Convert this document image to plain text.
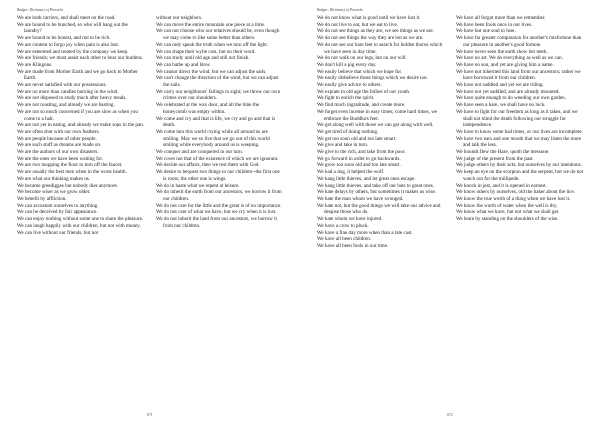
Badger: Dictionary of Proverbs

We are both carriers, and shall meet on the road.

We are bound to be bunched, so who will hang out the laundry?

We are bound to be honest, and not to be rich.

We are content to forgo joy when pain is also lost.

We are esteemed and treated by the company we keep.

We are friends; we must assist each other to bear our burdens.

We are Klingons.

We are made from Mother Earth and we go back to Mother Earth.

We are never satisfied with our possessions.

We are no more than candles burning in the wind.

We are not disposed to study much after heavy meals.

We are not roasting, and already we are basting.

We are not so much concerned if you are slow as when you come to a halt.

We are not yet in eating, and already we make sops in the pan.

We are often shot with our own feathers.

We are people because of other people.

We are such stuff as dreams are made on.

We are the authors of our own disasters.

We are the ones we have been waiting for.

We are two mopping the floor to turn off the faucet.

We are usually the best men when in the worst health.

We are what our thinking makes us.

We became greedigges but nobody dies anymore.

We become wiser as we grow older.

We benefit by affliction.

We can accustom ourselves to anything.

We can be deceived by fair appearance.

We can enjoy nothing without some one to share the pleasure.

We can laugh happily with our children, but not with money.

We can live without our friends, but not

without our neighbors.

We can move the entire mountain one piece at a time.

We can not choose who our relatives should be, even though we may come to like some better than others.

We can only speak the truth when we turn off the light.

We can shape their wylie cost, but no their word.

We can study until old age and still not finish.

We can bathe up and blow.

We cannot direct the wind, but we can adjust the sails.

We can't change the direction of the wind, but we can adjust the sails.

We carry our neighbours' failings in sight; we throw our own crimes over our shoulders.

We celebrated at the wax door, and all the time the honeycomb was empty within.

We come and cry and that is life, we cry and go and that is death.

We come into this world crying while all around us are smiling. May we so live that we go out of this world smiling while everybody around us is weeping.

We conquer and are conquered in our turn.

We covet not that of the existence of which we are ignorant.

We decide our affairs, then we rest them with God.

We desire to bequest two things to our children--the first one is roots; the other one is wings.

We do in haste what we repent at leisure.

We do inherit the earth from our ancestors, we borrow it from our children.

We do not care for the little and the great is of no importance.

We do not care of what we have, but we cry when it is lost.

We do not inherit the land from our ancestors, we borrow it from our children.

671
Badger: Dictionary of Proverbs

We do not know what is good until we have lost it.

We do not live to eat, but we eat to live.

We do not see things as they are, we see things as we are.

We do not see things the way they are but as we are.

We do not see our bare feet to search for hidden thorns which we have seen in day time.

We do not walk on our legs, but on our will.

We don't kill a pig every day.

We easily believe that which we hope for.

We easily disbelieve those things which we desire not.

We easily give advice to others.

We expiate in old age the follies of our youth.

We fight to enrich the spirit.

We find much ingratitude, and create more.

We forget even incense in easy times; come hard times, we embrace the Buddha's feet.

We get along well with those we can get along with well.

We get tired of doing nothing.

We get too soon old and too late smart.

We give and take in turn.

We give to the rich, and take from the poor.

We go forward in order to go backwards.

We grow too soon old and too late smart.

We had a dog, it helped the wolf.

We hang little thieves, and let great ones escape.

We hang little thieves, and take off our hats to great ones.

We hate delays by others, but sometimes it makes us wise.

We hate the man whom we have wronged.

We hate not, but the good things we will take our advice and despise those who do.

We hate whom we have injured.

We have a crow to pluck.

We have a fine day more when than a late cast.

We have all been children.

We have all been fools in our time.

We have all forgot more than we remember.

We have been fools once in our lives.

We have but one soul to lose.

We have far greater compassion for another's misfortune than our pleasure in another's good fortune.

We have never seen the earth show her teeth.

We have no art. We do everything as well as we can.

We have no son, and yet are giving him a name.

We have not inherited this land from our ancestors; rather we have borrowed it from our children.

We have not saddled and yet we are riding.

We have not yet saddled, and are already mounted.

We have quite enough to do weeding our own garden.

We have seen a hare, we shall have no luck.

We have to fight for our freedom as long as it takes, and we shall not mind the death following our struggle for independence.

We have to know some bad times, or our lives are incomplete.

We have two ears and one mouth that we may listen the more and talk the less.

We hounds flew the Hare, quoth the messone.

We judge of the present from the past.

We judge others by their acts; but ourselves by our intentions.

We keep an eye on the scorpion and the serpent, but we do not watch out for the millipede.

We knock in jest, and it is opened in earnest.

We know others by ourselves, old the baker about the lice.

We know the true worth of a thing when we have lost it.

We know the worth of water when the well is dry.

We know what we have, but not what we shall get.

We learn by standing on the shoulders of the wise.

672
